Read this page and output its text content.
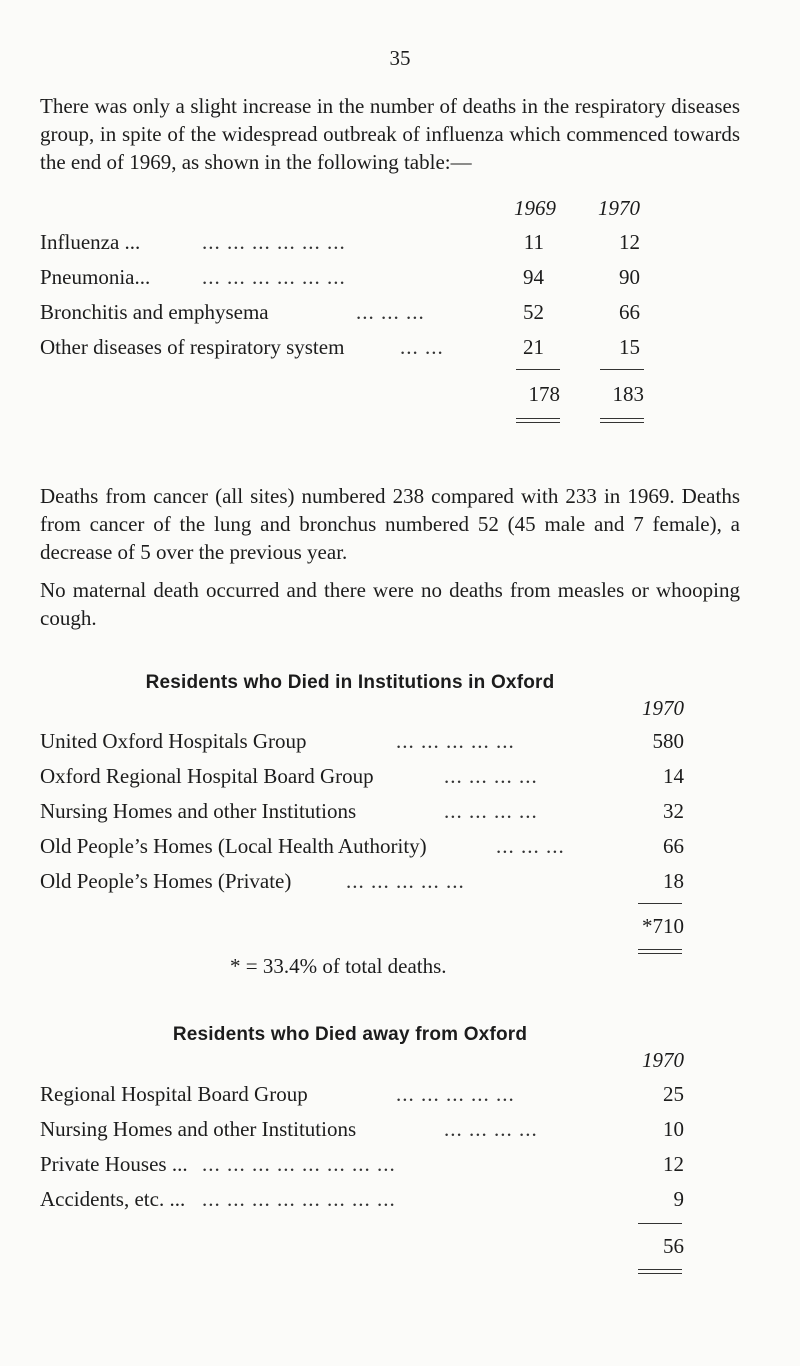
35

There was only a slight increase in the number of deaths in the respiratory diseases group, in spite of the widespread outbreak of influenza which commenced towards the end of 1969, as shown in the following table:—

1969	1970
Influenza ...	... ... ... ... ... ...	11	12
Pneumonia... ... ... ... ... ... ...	94	90
Bronchitis and emphysema	... ... ...	52	66
Other diseases of respiratory system	... ...	21	15
178	183

Deaths from cancer (all sites) numbered 238 compared with 233 in 1969. Deaths from cancer of the lung and bronchus numbered 52 (45 male and 7 female), a decrease of 5 over the previous year.

No maternal death occurred and there were no deaths from measles or whooping cough.

Residents who Died in Institutions in Oxford
1970
United Oxford Hospitals Group	... ... ... ... ...	580
Oxford Regional Hospital Board Group	... ... ... ...	14
Nursing Homes and other Institutions	... ... ... ...	32
Old People’s Homes (Local Health Authority)	... ... ...	66
Old People’s Homes (Private)	... ... ... ... ...	18
*710
* = 33.4% of total deaths.
Residents who Died away from Oxford
1970
Regional Hospital Board Group	... ... ... ... ...	25
Nursing Homes and other Institutions	... ... ... ...	10
Private Houses ... ... ... ... ... ... ... ... ...	12
Accidents, etc. ... ... ... ... ... ... ... ... ...	9
56
